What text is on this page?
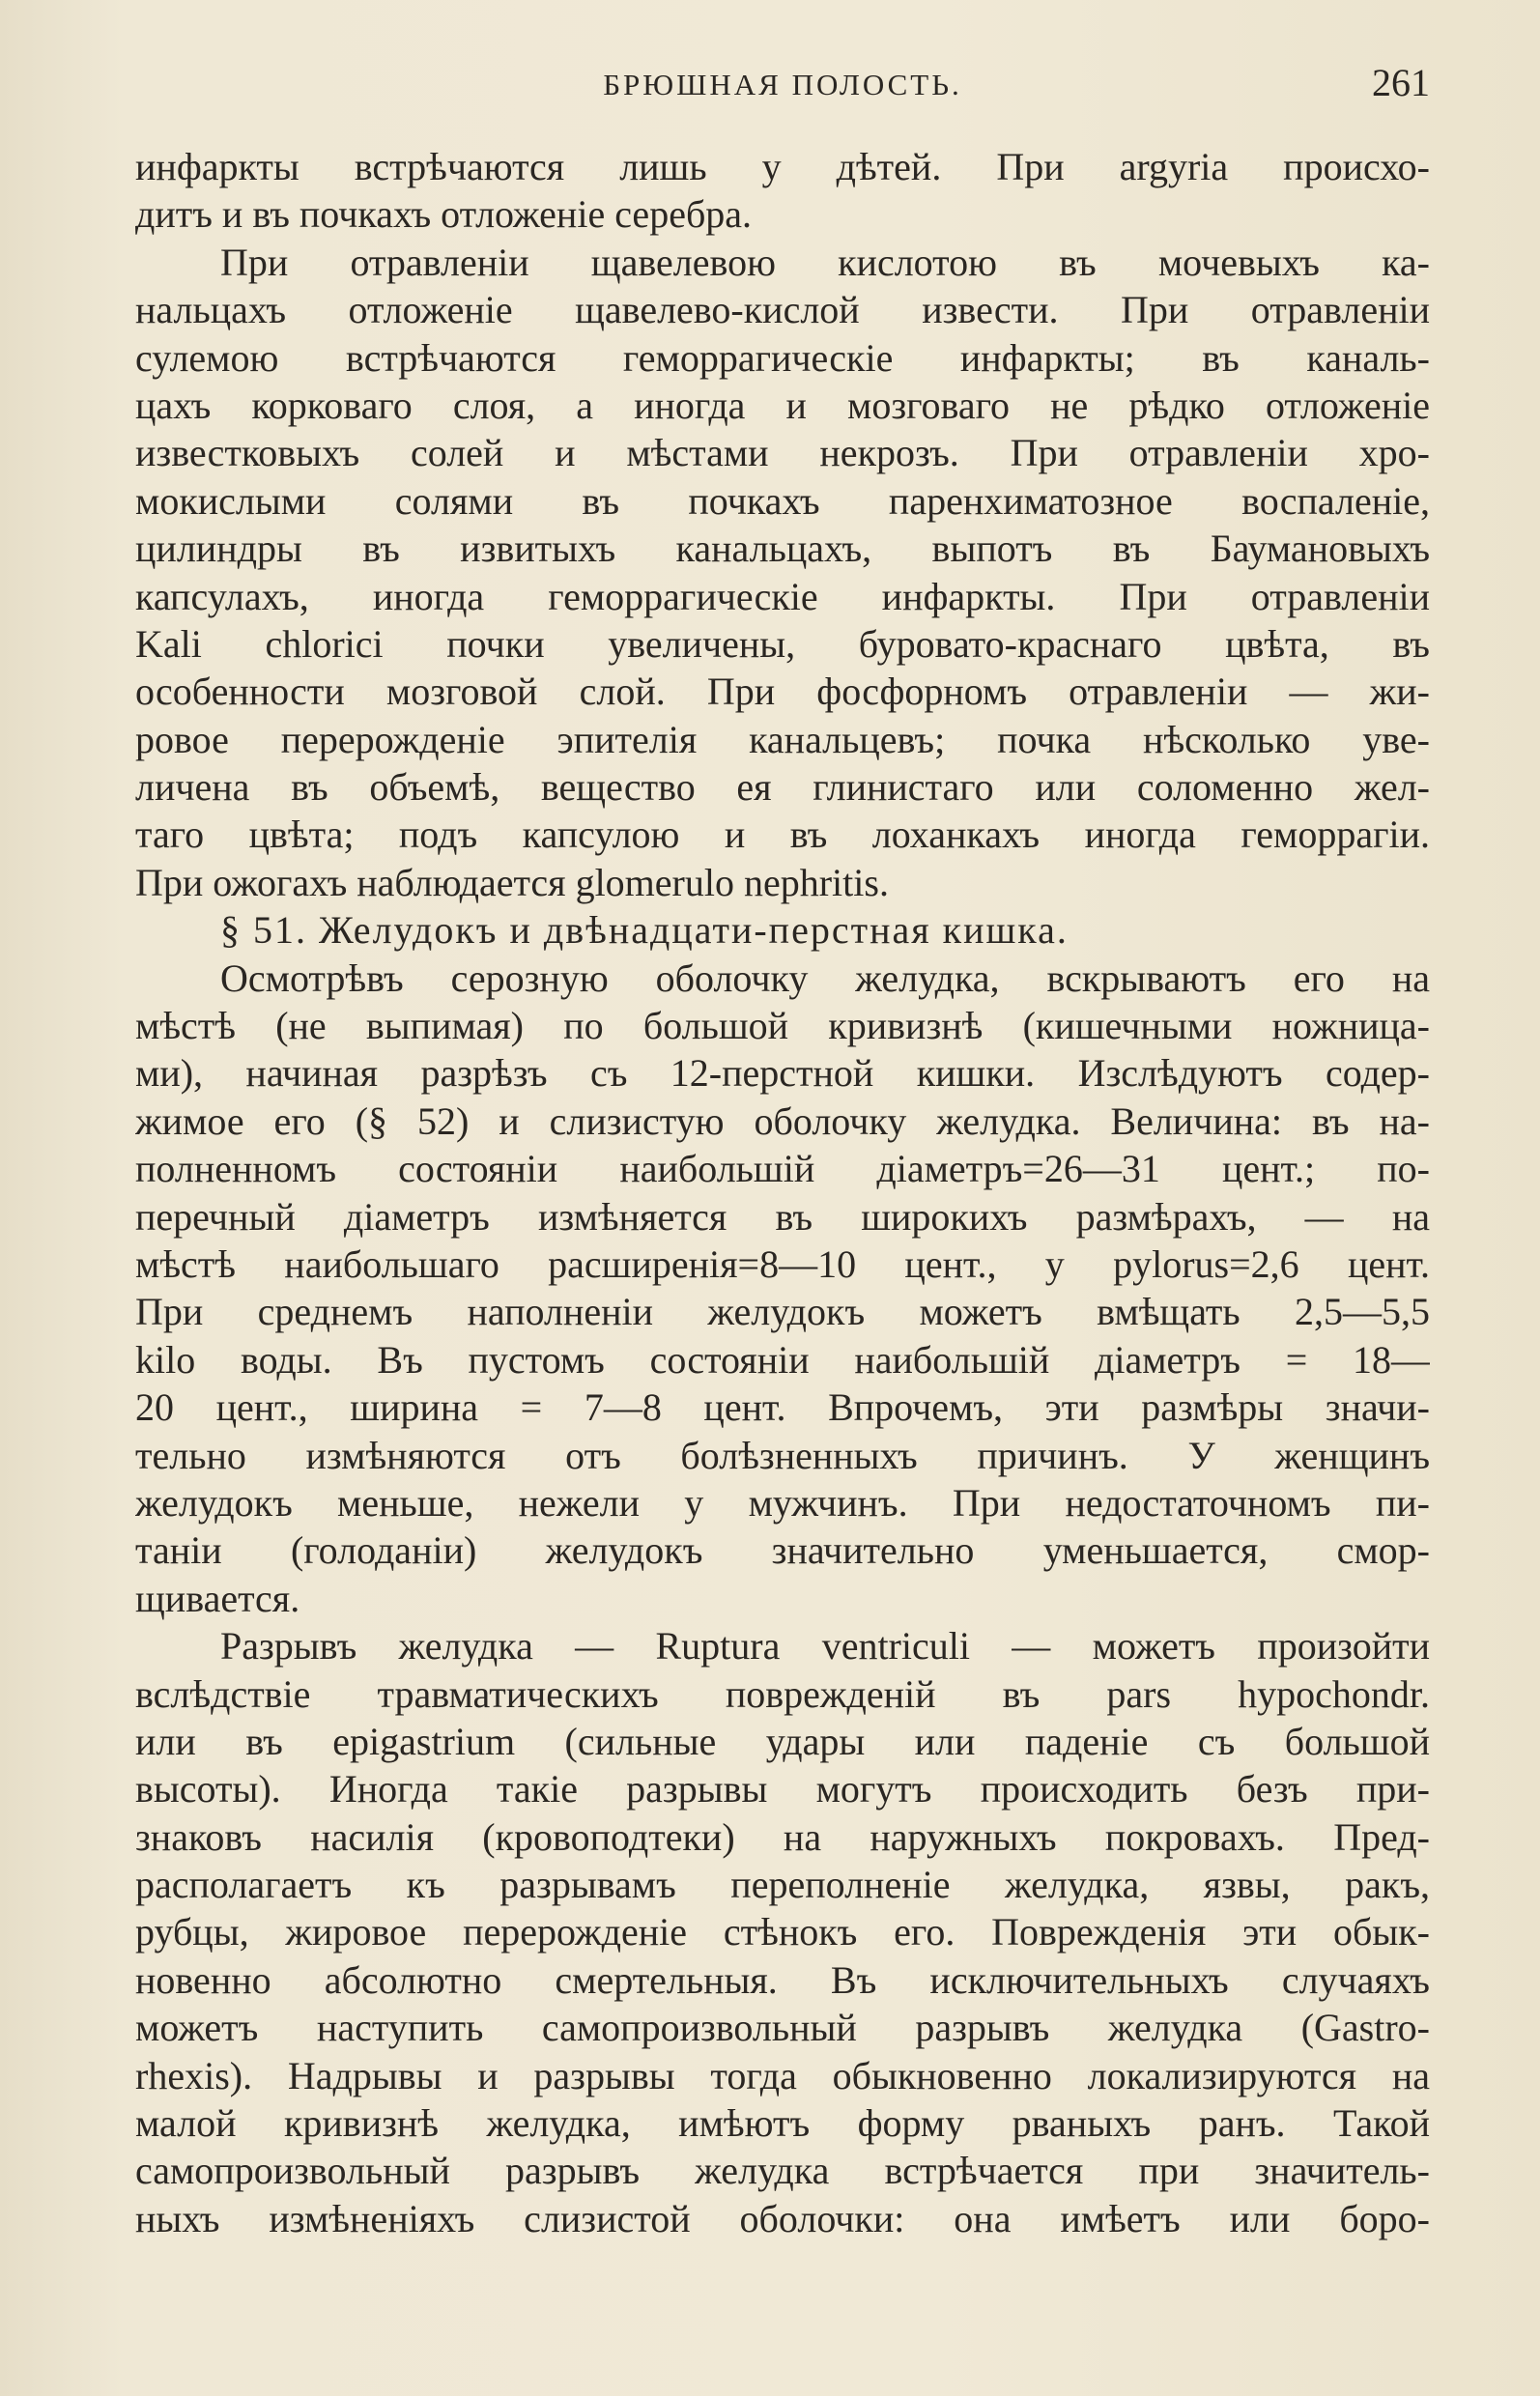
БРЮШНАЯ ПОЛОСТЬ.	261
инфаркты встрѣчаются лишь у дѣтей. При argyria происхо-
дитъ и въ почкахъ отложеніе серебра.
При отравленіи щавелевою кислотою въ мочевыхъ ка-
нальцахъ отложеніе щавелево-кислой извести. При отравленіи
сулемою встрѣчаются геморрагическіе инфаркты; въ каналь-
цахъ корковаго слоя, а иногда и мозговаго не рѣдко отложеніе
известковыхъ солей и мѣстами некрозъ. При отравленіи хро-
мокислыми солями въ почкахъ паренхиматозное воспаленіе,
цилиндры въ извитыхъ канальцахъ, выпотъ въ Баумановыхъ
капсулахъ, иногда геморрагическіе инфаркты. При отравленіи
Kali chlorici почки увеличены, буровато-краснаго цвѣта, въ
особенности мозговой слой. При фосфорномъ отравленіи — жи-
ровое перерожденіе эпителія канальцевъ; почка нѣсколько уве-
личена въ объемѣ, вещество ея глинистаго или соломенно жел-
таго цвѣта; подъ капсулою и въ лоханкахъ иногда геморрагіи.
При ожогахъ наблюдается glomerulo nephritis.
§ 51. Желудокъ и двѣнадцати-перстная кишка.
Осмотрѣвъ серозную оболочку желудка, вскрываютъ его на
мѣстѣ (не выпимая) по большой кривизнѣ (кишечными ножница-
ми), начиная разрѣзъ съ 12-перстной кишки. Изслѣдуютъ содер-
жимое его (§ 52) и слизистую оболочку желудка. Величина: въ на-
полненномъ состояніи наибольшій діаметръ=26—31 цент.; по-
перечный діаметръ измѣняется въ широкихъ размѣрахъ, — на
мѣстѣ наибольшаго расширенія=8—10 цент., у pylorus=2,6 цент.
При среднемъ наполненіи желудокъ можетъ вмѣщать 2,5—5,5
kilo воды. Въ пустомъ состояніи наибольшій діаметръ = 18—
20 цент., ширина = 7—8 цент. Впрочемъ, эти размѣры значи-
тельно измѣняются отъ болѣзненныхъ причинъ. У женщинъ
желудокъ меньше, нежели у мужчинъ. При недостаточномъ пи-
таніи (голоданіи) желудокъ значительно уменьшается, смор-
щивается.
Разрывъ желудка — Ruptura ventriculi — можетъ произойти
вслѣдствіе травматическихъ поврежденій въ pars hypochondr.
или въ epigastrium (сильные удары или паденіе съ большой
высоты). Иногда такіе разрывы могутъ происходить безъ при-
знаковъ насилія (кровоподтеки) на наружныхъ покровахъ. Пред-
располагаетъ къ разрывамъ переполненіе желудка, язвы, ракъ,
рубцы, жировое перерожденіе стѣнокъ его. Поврежденія эти обык-
новенно абсолютно смертельныя. Въ исключительныхъ случаяхъ
можетъ наступить самопроизвольный разрывъ желудка (Gastro-
rhexis). Надрывы и разрывы тогда обыкновенно локализируются на
малой кривизнѣ желудка, имѣютъ форму рваныхъ ранъ. Такой
самопроизвольный разрывъ желудка встрѣчается при значитель-
ныхъ измѣненіяхъ слизистой оболочки: она имѣетъ или боро-
